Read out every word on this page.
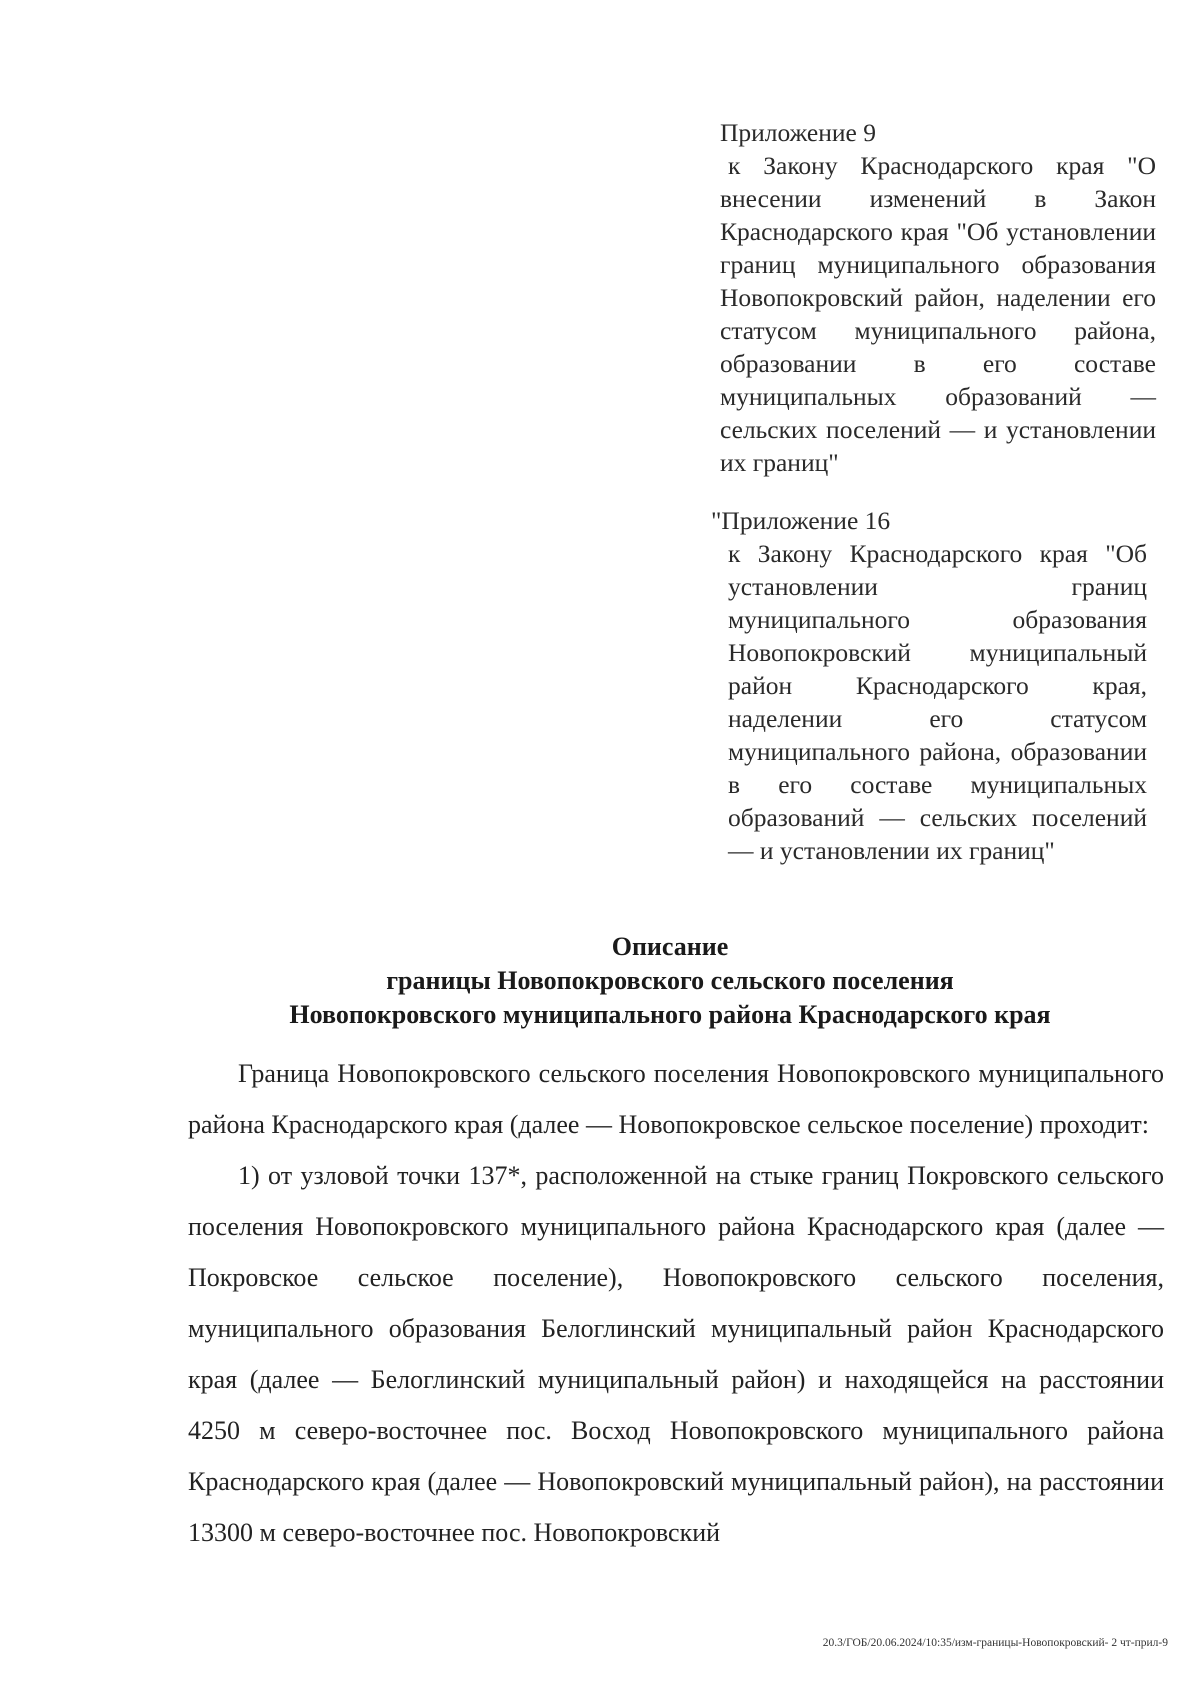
Приложение 9
к Закону Краснодарского края "О внесении изменений в Закон Краснодарского края "Об установлении границ муниципального образования Новопокровский район, наделении его статусом муниципального района, образовании в его составе муниципальных образований — сельских поселений — и установлении их границ"
"Приложение 16
к Закону Краснодарского края "Об установлении границ муниципального образования Новопокровский муниципальный район Краснодарского края, наделении его статусом муниципального района, образовании в его составе муниципальных образований — сельских поселений — и установлении их границ"
Описание
границы Новопокровского сельского поселения
Новопокровского муниципального района Краснодарского края

Граница Новопокровского сельского поселения Новопокровского муниципального района Краснодарского края (далее — Новопокровское сельское поселение) проходит:

1) от узловой точки 137*, расположенной на стыке границ Покровского сельского поселения Новопокровского муниципального района Краснодарского края (далее — Покровское сельское поселение), Новопокровского сельского поселения, муниципального образования Белоглинский муниципальный район Краснодарского края (далее — Белоглинский муниципальный район) и находящейся на расстоянии 4250 м северо-восточнее пос. Восход Новопокровского муниципального района Краснодарского края (далее — Новопокровский муниципальный район), на расстоянии 13300 м северо-восточнее пос. Новопокровский

20.3/ГОБ/20.06.2024/10:35/изм-границы-Новопокровский- 2 чт-прил-9
